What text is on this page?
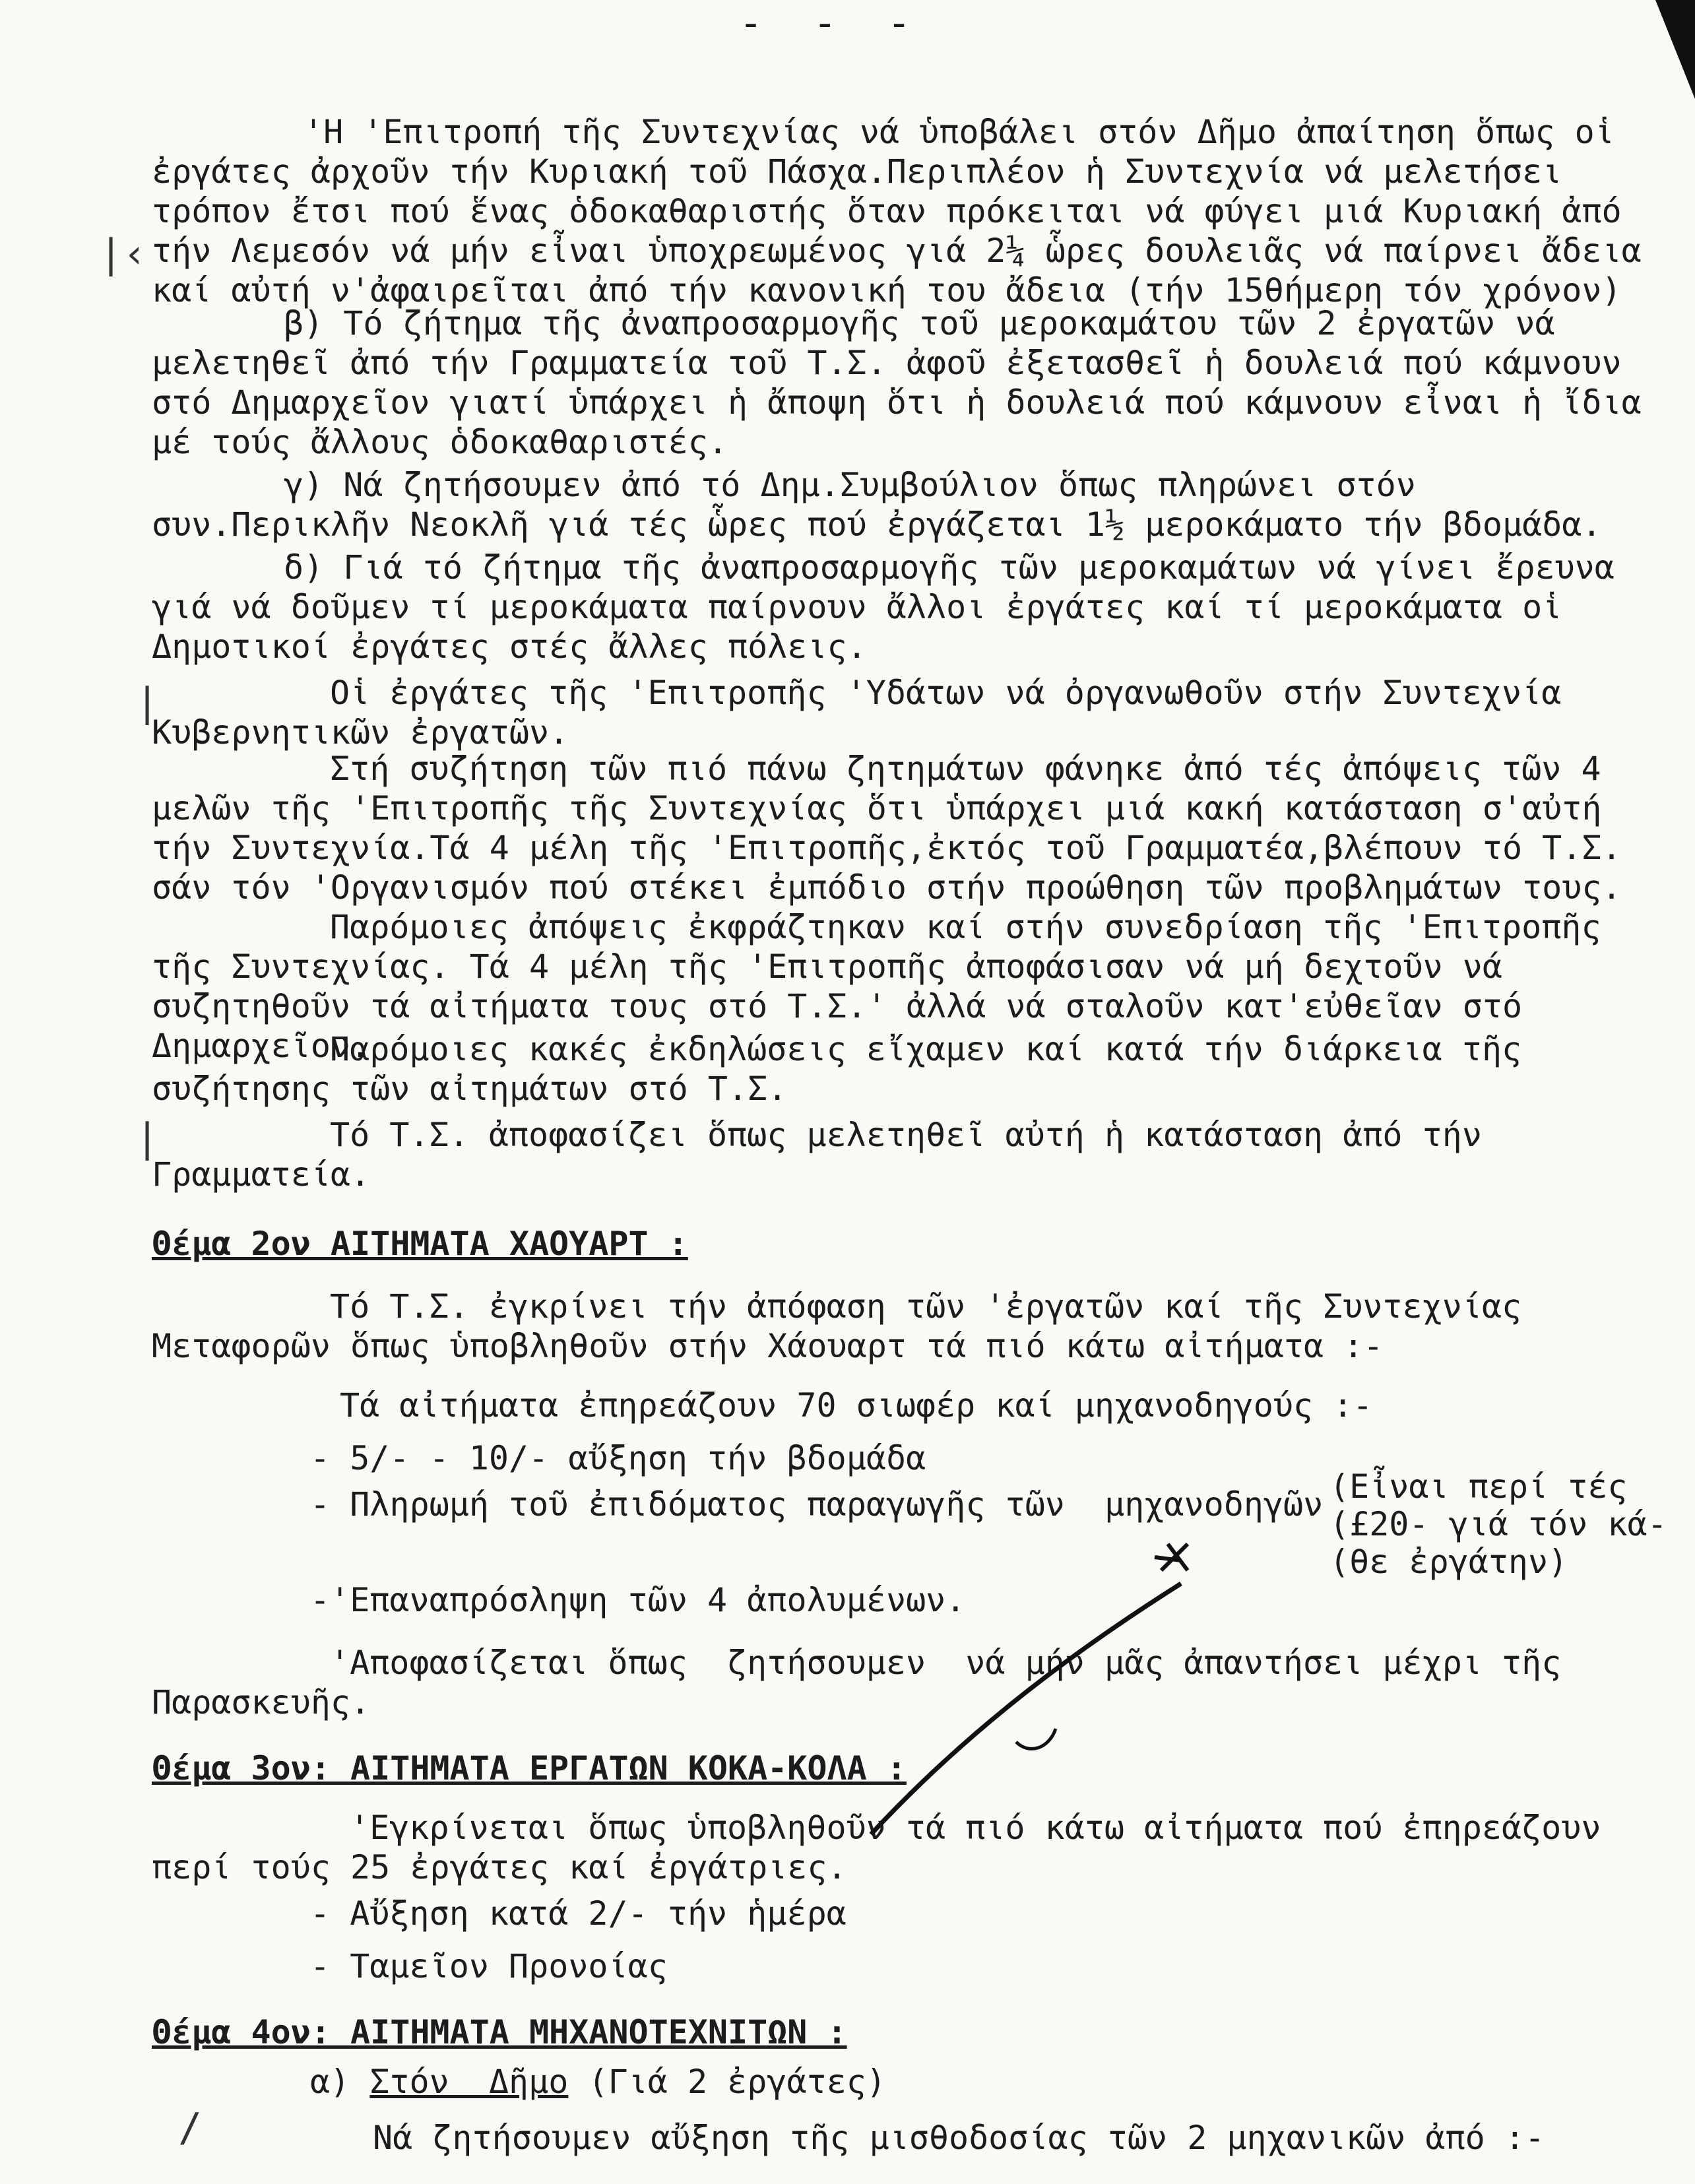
- - -
'Η 'Επιτροπή τῆς Συντεχνίας νά ὑποβάλει στόν Δῆμο ἀπαίτηση ὅπως οἱ ἐργάτες ἀρχοῦν τήν Κυριακή τοῦ Πάσχα.Περιπλέον ἡ Συντεχνία νά μελετήσει τρόπον ἔτσι πού ἕνας ὁδοκαθαριστής ὅταν πρόκειται νά φύγει μιά Κυριακή ἀπό τήν Λεμεσόν νά μήν εἶναι ὑποχρεωμένος γιά 2¼ ὧρες δουλειᾶς νά παίρνει ἄδεια καί αὐτή ν'ἀφαιρεῖται ἀπό τήν κανονική του ἄδεια (τήν 15θήμερη τόν χρόνον)
β) Τό ζήτημα τῆς ἀναπροσαρμογῆς τοῦ μεροκαμάτου τῶν 2 ἐργατῶν νά μελετηθεῖ ἀπό τήν Γραμματεία τοῦ Τ.Σ. ἀφοῦ ἐξετασθεῖ ἡ δουλειά πού κάμνουν στό Δημαρχεῖον γιατί ὑπάρχει ἡ ἄποψη ὅτι ἡ δουλειά πού κάμνουν εἶναι ἡ ἴδια μέ τούς ἄλλους ὁδοκαθαριστές.
γ) Νά ζητήσουμεν ἀπό τό Δημ.Συμβούλιον ὅπως πληρώνει στόν συν.Περικλῆν Νεοκλῆ γιά τές ὧρες πού ἐργάζεται 1½ μεροκάματο τήν βδομάδα.
δ) Γιά τό ζήτημα τῆς ἀναπροσαρμογῆς τῶν μεροκαμάτων νά γίνει ἔρευνα γιά νά δοῦμεν τί μεροκάματα παίρνουν ἄλλοι ἐργάτες καί τί μεροκάματα οἱ Δημοτικοί ἐργάτες στές ἄλλες πόλεις.
Οἱ ἐργάτες τῆς 'Επιτροπῆς 'Υδάτων νά ὀργανωθοῦν στήν Συντεχνία Κυβερνητικῶν ἐργατῶν.
Στή συζήτηση τῶν πιό πάνω ζητημάτων φάνηκε ἀπό τές ἀπόψεις τῶν 4 μελῶν τῆς 'Επιτροπῆς τῆς Συντεχνίας ὅτι ὑπάρχει μιά κακή κατάσταση σ'αὐτή τήν Συντεχνία.Τά 4 μέλη τῆς 'Επιτροπῆς,ἐκτός τοῦ Γραμματέα,βλέπουν τό Τ.Σ. σάν τόν 'Οργανισμόν πού στέκει ἐμπόδιο στήν προώθηση τῶν προβλημάτων τους.
Παρόμοιες ἀπόψεις ἐκφράζτηκαν καί στήν συνεδρίαση τῆς 'Επιτροπῆς τῆς Συντεχνίας. Τά 4 μέλη τῆς 'Επιτροπῆς ἀποφάσισαν νά μή δεχτοῦν νά συζητηθοῦν τά αἰτήματα τους στό Τ.Σ.' ἀλλά νά σταλοῦν κατ'εὐθεῖαν στό Δημαρχεῖον.
Παρόμοιες κακές ἐκδηλώσεις εἴχαμεν καί κατά τήν διάρκεια τῆς συζήτησης τῶν αἰτημάτων στό Τ.Σ.
Τό Τ.Σ. ἀποφασίζει ὅπως μελετηθεῖ αὐτή ἡ κατάσταση ἀπό τήν Γραμματεία.
Θέμα 2ον ΑΙΤΗΜΑΤΑ ΧΑΟΥΑΡΤ :
Τό Τ.Σ. ἐγκρίνει τήν ἀπόφαση τῶν 'ἐργατῶν καί τῆς Συντεχνίας Μεταφορῶν ὅπως ὑποβληθοῦν στήν Χάουαρτ τά πιό κάτω αἰτήματα :-
Τά αἰτήματα ἐπηρεάζουν 70 σιωφέρ καί μηχανοδηγούς :-
- 5/- - 10/- αὔξηση τήν βδομάδα
- Πληρωμή τοῦ ἐπιδόματος παραγωγῆς τῶν  μηχανοδηγῶν (Εἶναι περί τές
(£20- γιά τόν κά-
(θε ἐργάτην)
-'Επαναπρόσληψη τῶν 4 ἀπολυμένων.
'Αποφασίζεται ὅπως  ζητήσουμεν  νά μήν μᾶς ἀπαντήσει μέχρι τῆς Παρασκευῆς.
Θέμα 3ον: ΑΙΤΗΜΑΤΑ ΕΡΓΑΤΩΝ ΚΟΚΑ-ΚΟΛΑ :
'Εγκρίνεται ὅπως ὑποβληθοῦν τά πιό κάτω αἰτήματα πού ἐπηρεάζουν περί τούς 25 ἐργάτες καί ἐργάτριες.
- Αὔξηση κατά 2/- τήν ἡμέρα
- Ταμεῖον Προνοίας
Θέμα 4ον: ΑΙΤΗΜΑΤΑ ΜΗΧΑΝΟΤΕΧΝΙΤΩΝ :
α) Στόν  Δῆμο (Γιά 2 ἐργάτες)
Νά ζητήσουμεν αὔξηση τῆς μισθοδοσίας τῶν 2 μηχανικῶν ἀπό :-
|‹
|
|
/
